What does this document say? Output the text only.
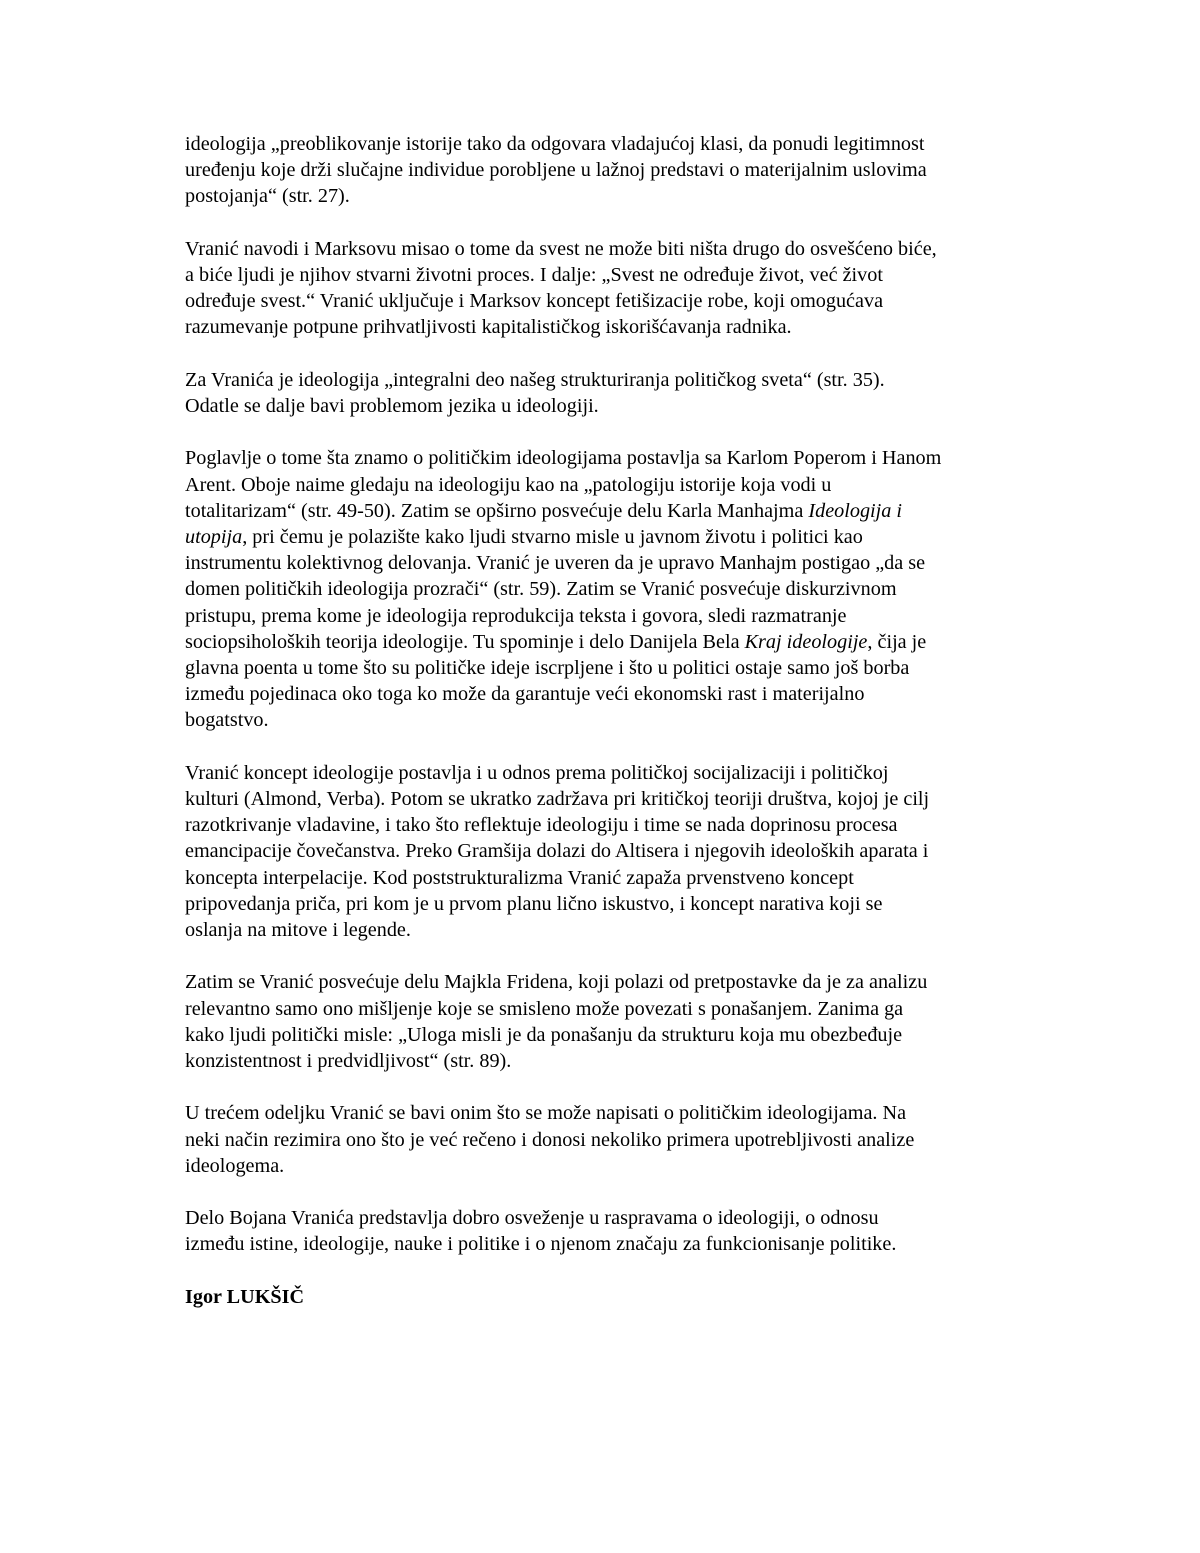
ideologija „preoblikovanje istorije tako da odgovara vladajućoj klasi, da ponudi legitimnost
uređenju koje drži slučajne individue porobljene u lažnoj predstavi o materijalnim uslovima
postojanja“ (str. 27).

Vranić navodi i Marksovu misao o tome da svest ne može biti ništa drugo do osvešćeno biće,
a biće ljudi je njihov stvarni životni proces. I dalje: „Svest ne određuje život, već život
određuje svest.“ Vranić uključuje i Marksov koncept fetišizacije robe, koji omogućava
razumevanje potpune prihvatljivosti kapitalističkog iskorišćavanja radnika.

Za Vranića je ideologija „integralni deo našeg strukturiranja političkog sveta“ (str. 35).
Odatle se dalje bavi problemom jezika u ideologiji.

Poglavlje o tome šta znamo o političkim ideologijama postavlja sa Karlom Poperom i Hanom
Arent. Oboje naime gledaju na ideologiju kao na „patologiju istorije koja vodi u
totalitarizam“ (str. 49-50). Zatim se opširno posvećuje delu Karla Manhajma Ideologija i
utopija, pri čemu je polazište kako ljudi stvarno misle u javnom životu i politici kao
instrumentu kolektivnog delovanja. Vranić je uveren da je upravo Manhajm postigao „da se
domen političkih ideologija prozrači“ (str. 59). Zatim se Vranić posvećuje diskurzivnom
pristupu, prema kome je ideologija reprodukcija teksta i govora, sledi razmatranje
sociopsiholoških teorija ideologije. Tu spominje i delo Danijela Bela Kraj ideologije, čija je
glavna poenta u tome što su političke ideje iscrpljene i što u politici ostaje samo još borba
između pojedinaca oko toga ko može da garantuje veći ekonomski rast i materijalno
bogatstvo.

Vranić koncept ideologije postavlja i u odnos prema političkoj socijalizaciji i političkoj
kulturi (Almond, Verba). Potom se ukratko zadržava pri kritičkoj teoriji društva, kojoj je cilj
razotkrivanje vladavine, i tako što reflektuje ideologiju i time se nada doprinosu procesa
emancipacije čovečanstva. Preko Gramšija dolazi do Altisera i njegovih ideoloških aparata i
koncepta interpelacije. Kod poststrukturalizma Vranić zapaža prvenstveno koncept
pripovedanja priča, pri kom je u prvom planu lično iskustvo, i koncept narativa koji se
oslanja na mitove i legende.

Zatim se Vranić posvećuje delu Majkla Fridena, koji polazi od pretpostavke da je za analizu
relevantno samo ono mišljenje koje se smisleno može povezati s ponašanjem. Zanima ga
kako ljudi politički misle: „Uloga misli je da ponašanju da strukturu koja mu obezbeđuje
konzistentnost i predvidljivost“ (str. 89).

U trećem odeljku Vranić se bavi onim što se može napisati o političkim ideologijama. Na
neki način rezimira ono što je već rečeno i donosi nekoliko primera upotrebljivosti analize
ideologema.

Delo Bojana Vranića predstavlja dobro osveženje u raspravama o ideologiji, o odnosu
između istine, ideologije, nauke i politike i o njenom značaju za funkcionisanje politike.

Igor LUKŠIČ
